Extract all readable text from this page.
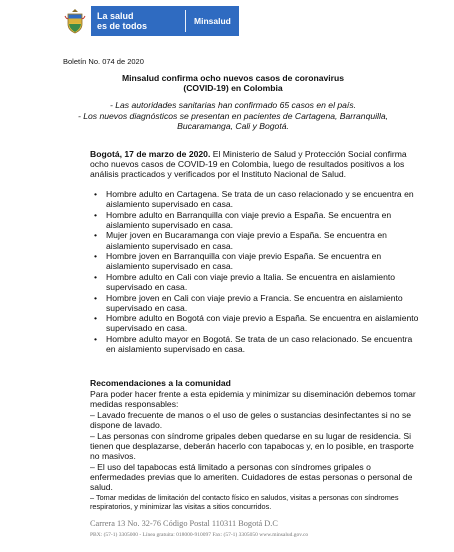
La salud
es de todos	Minsalud
Boletín No. 074 de 2020
Minsalud confirma ocho nuevos casos de coronavirus
(COVID-19) en Colombia
- Las autoridades sanitarias han confirmado 65 casos en el país.
- Los nuevos diagnósticos se presentan en pacientes de Cartagena, Barranquilla,
Bucaramanga, Cali y Bogotá.
Bogotá, 17 de marzo de 2020. El Ministerio de Salud y Protección Social confirma ocho nuevos casos de COVID-19 en Colombia, luego de resultados positivos a los análisis practicados y verificados por el Instituto Nacional de Salud.
• Hombre adulto en Cartagena. Se trata de un caso relacionado y se encuentra en aislamiento supervisado en casa.
• Hombre adulto en Barranquilla con viaje previo a España. Se encuentra en aislamiento supervisado en casa.
• Mujer joven en Bucaramanga con viaje previo a España. Se encuentra en aislamiento supervisado en casa.
• Hombre joven en Barranquilla con viaje previo España. Se encuentra en aislamiento supervisado en casa.
• Hombre adulto en Cali con viaje previo a Italia. Se encuentra en aislamiento supervisado en casa.
• Hombre joven en Cali con viaje previo a Francia. Se encuentra en aislamiento supervisado en casa.
• Hombre adulto en Bogotá con viaje previo a España. Se encuentra en aislamiento supervisado en casa.
• Hombre adulto mayor en Bogotá. Se trata de un caso relacionado. Se encuentra en aislamiento supervisado en casa.
Recomendaciones a la comunidad

Para poder hacer frente a esta epidemia y minimizar su diseminación debemos tomar medidas responsables:

– Lavado frecuente de manos o el uso de geles o sustancias desinfectantes si no se dispone de lavado.

– Las personas con síndrome gripales deben quedarse en su lugar de residencia. Si tienen que desplazarse, deberán hacerlo con tapabocas y, en lo posible, en trasporte no masivos.

– El uso del tapabocas está limitado a personas con síndromes gripales o enfermedades previas que lo ameriten. Cuidadores de estas personas o personal de salud.

– Tomar medidas de limitación del contacto físico en saludos, visitas a personas con síndromes respiratorios, y minimizar las visitas a sitios concurridos.

Carrera 13 No. 32-76 Código Postal 110311 Bogotá D.C
PBX: (57-1) 3305000 - Línea gratuita: 018000-910097 Fax: (57-1) 3305050 www.minsalud.gov.co
